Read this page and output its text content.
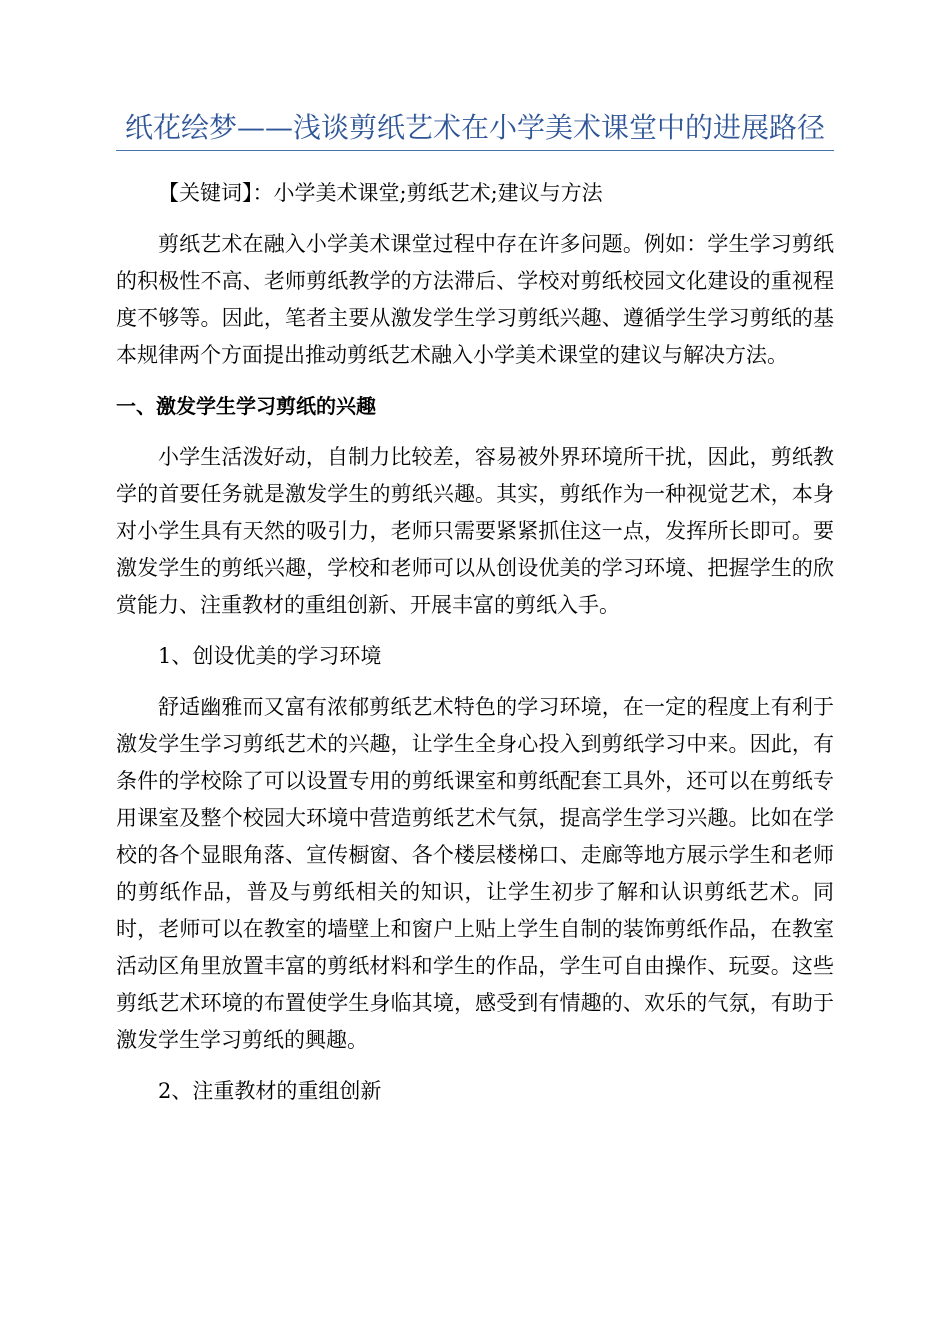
纸花绘梦——浅谈剪纸艺术在小学美术课堂中的进展路径

【关键词】：小学美术课堂;剪纸艺术;建议与方法

剪纸艺术在融入小学美术课堂过程中存在许多问题。例如：学生学习剪纸的积极性不高、老师剪纸教学的方法滞后、学校对剪纸校园文化建设的重视程度不够等。因此，笔者主要从激发学生学习剪纸兴趣、遵循学生学习剪纸的基本规律两个方面提出推动剪纸艺术融入小学美术课堂的建议与解决方法。

一、激发学生学习剪纸的兴趣

小学生活泼好动，自制力比较差，容易被外界环境所干扰，因此，剪纸教学的首要任务就是激发学生的剪纸兴趣。其实，剪纸作为一种视觉艺术，本身对小学生具有天然的吸引力，老师只需要紧紧抓住这一点，发挥所长即可。要激发学生的剪纸兴趣，学校和老师可以从创设优美的学习环境、把握学生的欣赏能力、注重教材的重组创新、开展丰富的剪纸入手。

1、创设优美的学习环境

舒适幽雅而又富有浓郁剪纸艺术特色的学习环境，在一定的程度上有利于激发学生学习剪纸艺术的兴趣，让学生全身心投入到剪纸学习中来。因此，有条件的学校除了可以设置专用的剪纸课室和剪纸配套工具外，还可以在剪纸专用课室及整个校园大环境中营造剪纸艺术气氛，提高学生学习兴趣。比如在学校的各个显眼角落、宣传橱窗、各个楼层楼梯口、走廊等地方展示学生和老师的剪纸作品，普及与剪纸相关的知识，让学生初步了解和认识剪纸艺术。同时，老师可以在教室的墙壁上和窗户上贴上学生自制的装饰剪纸作品，在教室活动区角里放置丰富的剪纸材料和学生的作品，学生可自由操作、玩耍。这些剪纸艺术环境的布置使学生身临其境，感受到有情趣的、欢乐的气氛，有助于激发学生学习剪纸的興趣。

2、注重教材的重组创新
